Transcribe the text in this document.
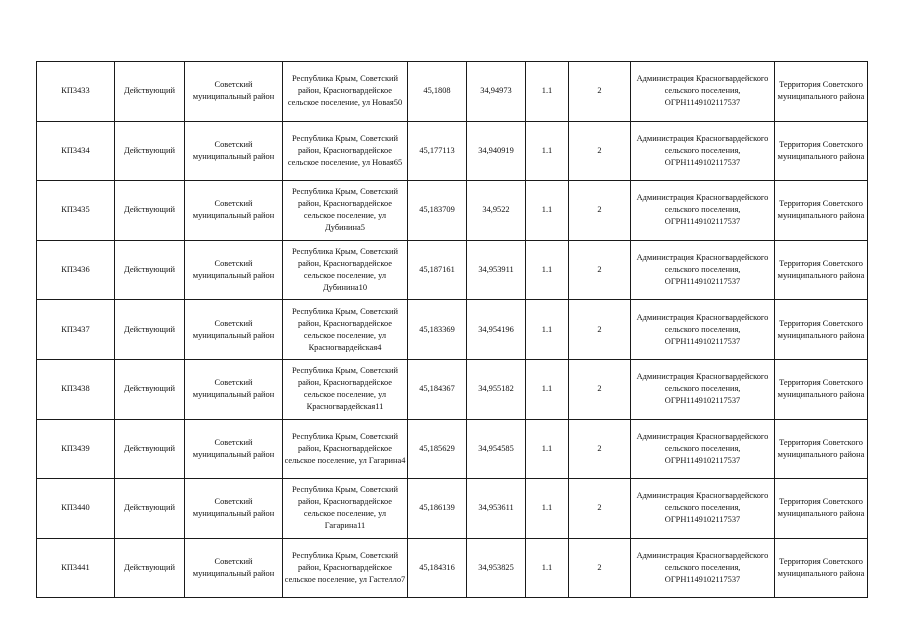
КП3433	Действующий	Советский муниципальный район	Республика Крым, Советский район, Красногвардейское сельское поселение, ул Новая50	45,1808	34,94973	1.1	2	Администрация Красногвардейского сельского поселения, ОГРН1149102117537	Территория Советского муниципального района
КП3434	Действующий	Советский муниципальный район	Республика Крым, Советский район, Красногвардейское сельское поселение, ул Новая65	45,177113	34,940919	1.1	2	Администрация Красногвардейского сельского поселения, ОГРН1149102117537	Территория Советского муниципального района
КП3435	Действующий	Советский муниципальный район	Республика Крым, Советский район, Красногвардейское сельское поселение, ул Дубинина5	45,183709	34,9522	1.1	2	Администрация Красногвардейского сельского поселения, ОГРН1149102117537	Территория Советского муниципального района
КП3436	Действующий	Советский муниципальный район	Республика Крым, Советский район, Красногвардейское сельское поселение, ул Дубинина10	45,187161	34,953911	1.1	2	Администрация Красногвардейского сельского поселения, ОГРН1149102117537	Территория Советского муниципального района
КП3437	Действующий	Советский муниципальный район	Республика Крым, Советский район, Красногвардейское сельское поселение, ул Красногвардейская4	45,183369	34,954196	1.1	2	Администрация Красногвардейского сельского поселения, ОГРН1149102117537	Территория Советского муниципального района
КП3438	Действующий	Советский муниципальный район	Республика Крым, Советский район, Красногвардейское сельское поселение, ул Красногвардейская11	45,184367	34,955182	1.1	2	Администрация Красногвардейского сельского поселения, ОГРН1149102117537	Территория Советского муниципального района
КП3439	Действующий	Советский муниципальный район	Республика Крым, Советский район, Красногвардейское сельское поселение, ул Гагарина4	45,185629	34,954585	1.1	2	Администрация Красногвардейского сельского поселения, ОГРН1149102117537	Территория Советского муниципального района
КП3440	Действующий	Советский муниципальный район	Республика Крым, Советский район, Красногвардейское сельское поселение, ул Гагарина11	45,186139	34,953611	1.1	2	Администрация Красногвардейского сельского поселения, ОГРН1149102117537	Территория Советского муниципального района
КП3441	Действующий	Советский муниципальный район	Республика Крым, Советский район, Красногвардейское сельское поселение, ул Гастелло7	45,184316	34,953825	1.1	2	Администрация Красногвардейского сельского поселения, ОГРН1149102117537	Территория Советского муниципального района
